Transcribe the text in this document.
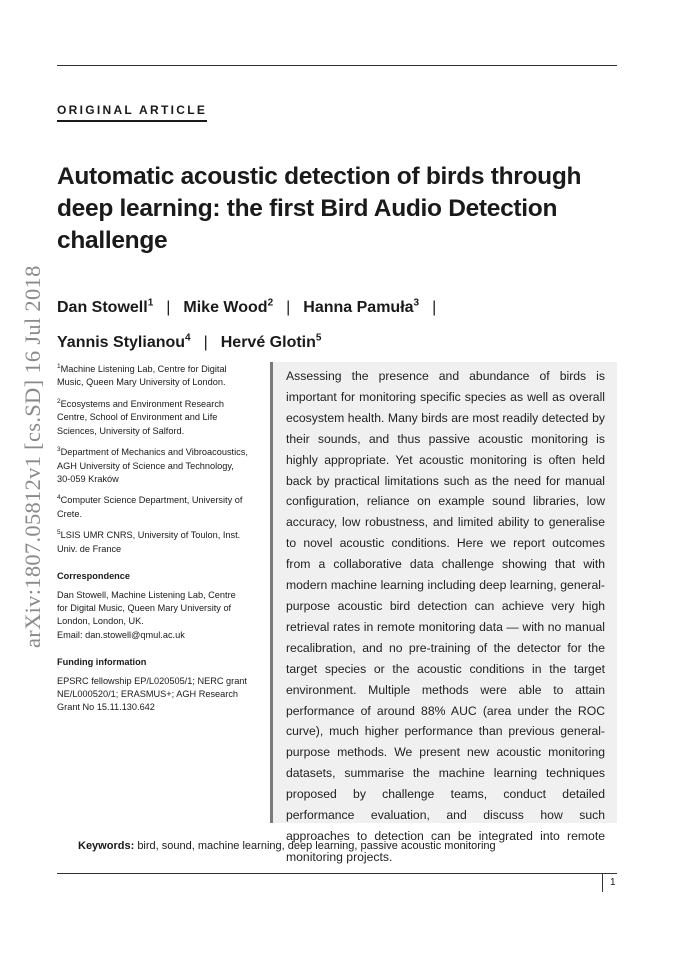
ORIGINAL ARTICLE
arXiv:1807.05812v1 [cs.SD] 16 Jul 2018
Automatic acoustic detection of birds through deep learning: the first Bird Audio Detection challenge
Dan Stowell$^1$ | Mike Wood$^2$ | Hanna Pamuła$^3$ |
Yannis Stylianou$^4$ | Hervé Glotin$^5$

$^1$Machine Listening Lab, Centre for Digital Music, Queen Mary University of London.

$^2$Ecosystems and Environment Research Centre, School of Environment and Life Sciences, University of Salford.

$^3$Department of Mechanics and Vibroacoustics, AGH University of Science and Technology, 30-059 Kraków

$^4$Computer Science Department, University of Crete.

$^5$LSIS UMR CNRS, University of Toulon, Inst. Univ. de France

Correspondence

Dan Stowell, Machine Listening Lab, Centre for Digital Music, Queen Mary University of London, London, UK.

Email: dan.stowell@qmul.ac.uk

Funding information

EPSRC fellowship EP/L020505/1; NERC grant NE/L000520/1; ERASMUS+; AGH Research Grant No 15.11.130.642

Assessing the presence and abundance of birds is important for monitoring specific species as well as overall ecosystem health. Many birds are most readily detected by their sounds, and thus passive acoustic monitoring is highly appropriate. Yet acoustic monitoring is often held back by practical limitations such as the need for manual configuration, reliance on example sound libraries, low accuracy, low robustness, and limited ability to generalise to novel acoustic conditions. Here we report outcomes from a collaborative data challenge showing that with modern machine learning including deep learning, general-purpose acoustic bird detection can achieve very high retrieval rates in remote monitoring data — with no manual recalibration, and no pre-training of the detector for the target species or the acoustic conditions in the target environment. Multiple methods were able to attain performance of around 88% AUC (area under the ROC curve), much higher performance than previous general-purpose methods. We present new acoustic monitoring datasets, summarise the machine learning techniques proposed by challenge teams, conduct detailed performance evaluation, and discuss how such approaches to detection can be integrated into remote monitoring projects.

Keywords: bird, sound, machine learning, deep learning, passive acoustic monitoring
1
